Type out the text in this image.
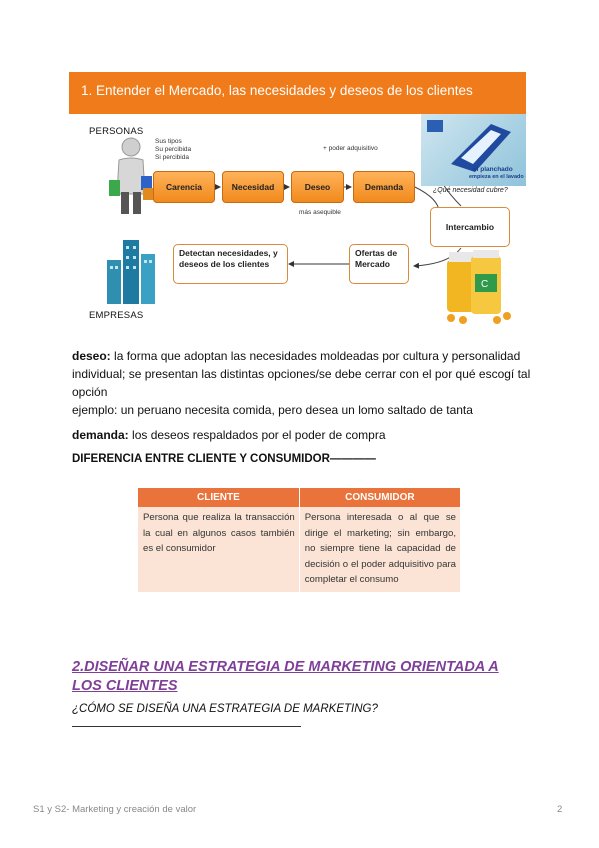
1. Entender el Mercado, las necesidades y deseos de los clientes
PERSONAS
EMPRESAS
Sus tipos
Su percibida
Si percibida
+ poder adquisitivo
más asequible
Carencia	Necesidad	Deseo	Demanda
Intercambio
Detectan necesidades, y deseos de los clientes
Ofertas de Mercado
el planchado
empieza en el lavado
¿Qué necesidad cubre?
C
deseo: la forma que adoptan las necesidades moldeadas por cultura y personalidad individual; se presentan las distintas opciones/se debe cerrar con el por qué escogí tal opción
ejemplo: un peruano necesita comida, pero desea un lomo saltado de tanta
demanda: los deseos respaldados por el poder de compra
DIFERENCIA ENTRE CLIENTE Y CONSUMIDOR————
CLIENTE	CONSUMIDOR
Persona que realiza la transacción la cual en algunos casos también es el consumidor	Persona interesada o al que se dirige el marketing; sin embargo, no siempre tiene la capacidad de decisión o el poder adquisitivo para completar el consumo
2.DISEÑAR UNA ESTRATEGIA DE MARKETING ORIENTADA A LOS CLIENTES
¿CÓMO SE DISEÑA UNA ESTRATEGIA DE MARKETING?
S1 y S2- Marketing y creación de valor	2
